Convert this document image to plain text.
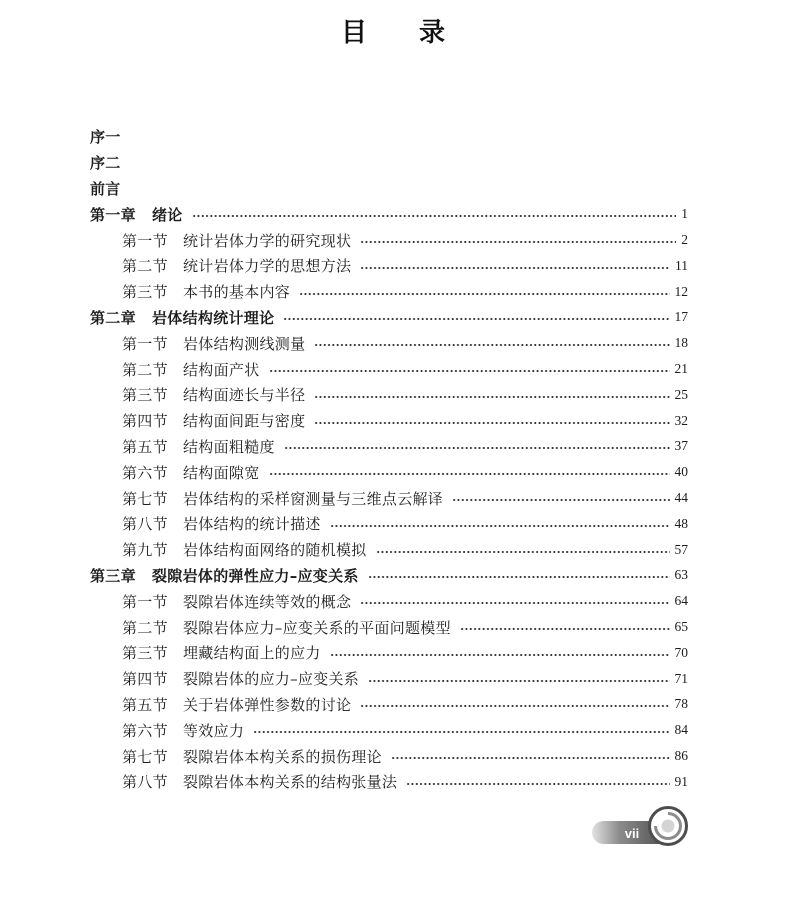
目　　录
序一
序二
前言
第一章	绪论	1
第一节	统计岩体力学的研究现状	2
第二节	统计岩体力学的思想方法	11
第三节	本书的基本内容	12
第二章	岩体结构统计理论	17
第一节	岩体结构测线测量	18
第二节	结构面产状	21
第三节	结构面迹长与半径	25
第四节	结构面间距与密度	32
第五节	结构面粗糙度	37
第六节	结构面隙宽	40
第七节	岩体结构的采样窗测量与三维点云解译	44
第八节	岩体结构的统计描述	48
第九节	岩体结构面网络的随机模拟	57
第三章	裂隙岩体的弹性应力–应变关系	63
第一节	裂隙岩体连续等效的概念	64
第二节	裂隙岩体应力–应变关系的平面问题模型	65
第三节	埋藏结构面上的应力	70
第四节	裂隙岩体的应力–应变关系	71
第五节	关于岩体弹性参数的讨论	78
第六节	等效应力	84
第七节	裂隙岩体本构关系的损伤理论	86
第八节	裂隙岩体本构关系的结构张量法	91
vii
